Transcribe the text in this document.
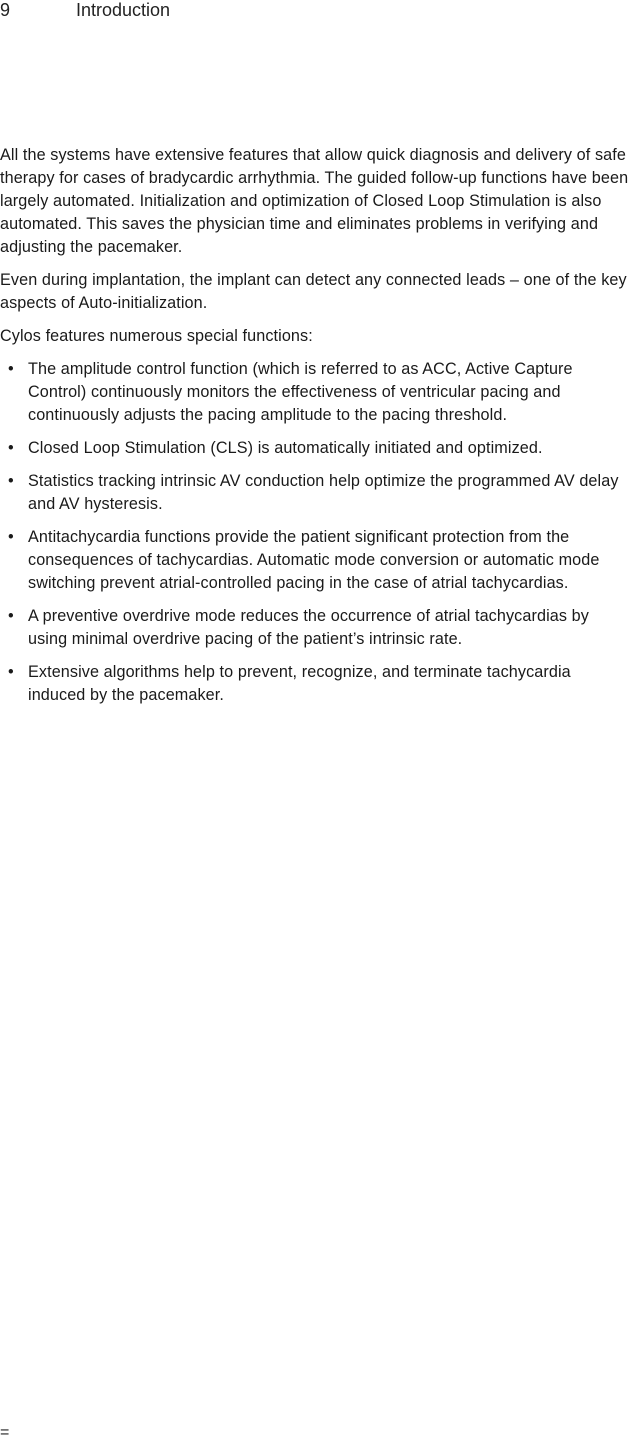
9	Introduction

All the systems have extensive features that allow quick diagnosis and delivery of safe therapy for cases of bradycardic arrhythmia. The guided follow-up functions have been largely automated. Initialization and optimization of Closed Loop Stimulation is also automated. This saves the physician time and eliminates problems in verifying and adjusting the pacemaker.

Even during implantation, the implant can detect any connected leads – one of the key aspects of Auto-initialization.

Cylos features numerous special functions:

• The amplitude control function (which is referred to as ACC, Active Capture Control) continuously monitors the effectiveness of ventricular pacing and continuously adjusts the pacing amplitude to the pacing threshold.
• Closed Loop Stimulation (CLS) is automatically initiated and optimized.
• Statistics tracking intrinsic AV conduction help optimize the programmed AV delay and AV hysteresis.
• Antitachycardia functions provide the patient significant protection from the consequences of tachycardias. Automatic mode conversion or automatic mode switching prevent atrial-controlled pacing in the case of atrial tachycardias.
• A preventive overdrive mode reduces the occurrence of atrial tachycardias by using minimal overdrive pacing of the patient’s intrinsic rate.
• Extensive algorithms help to prevent, recognize, and terminate tachycardia induced by the pacemaker.
=
